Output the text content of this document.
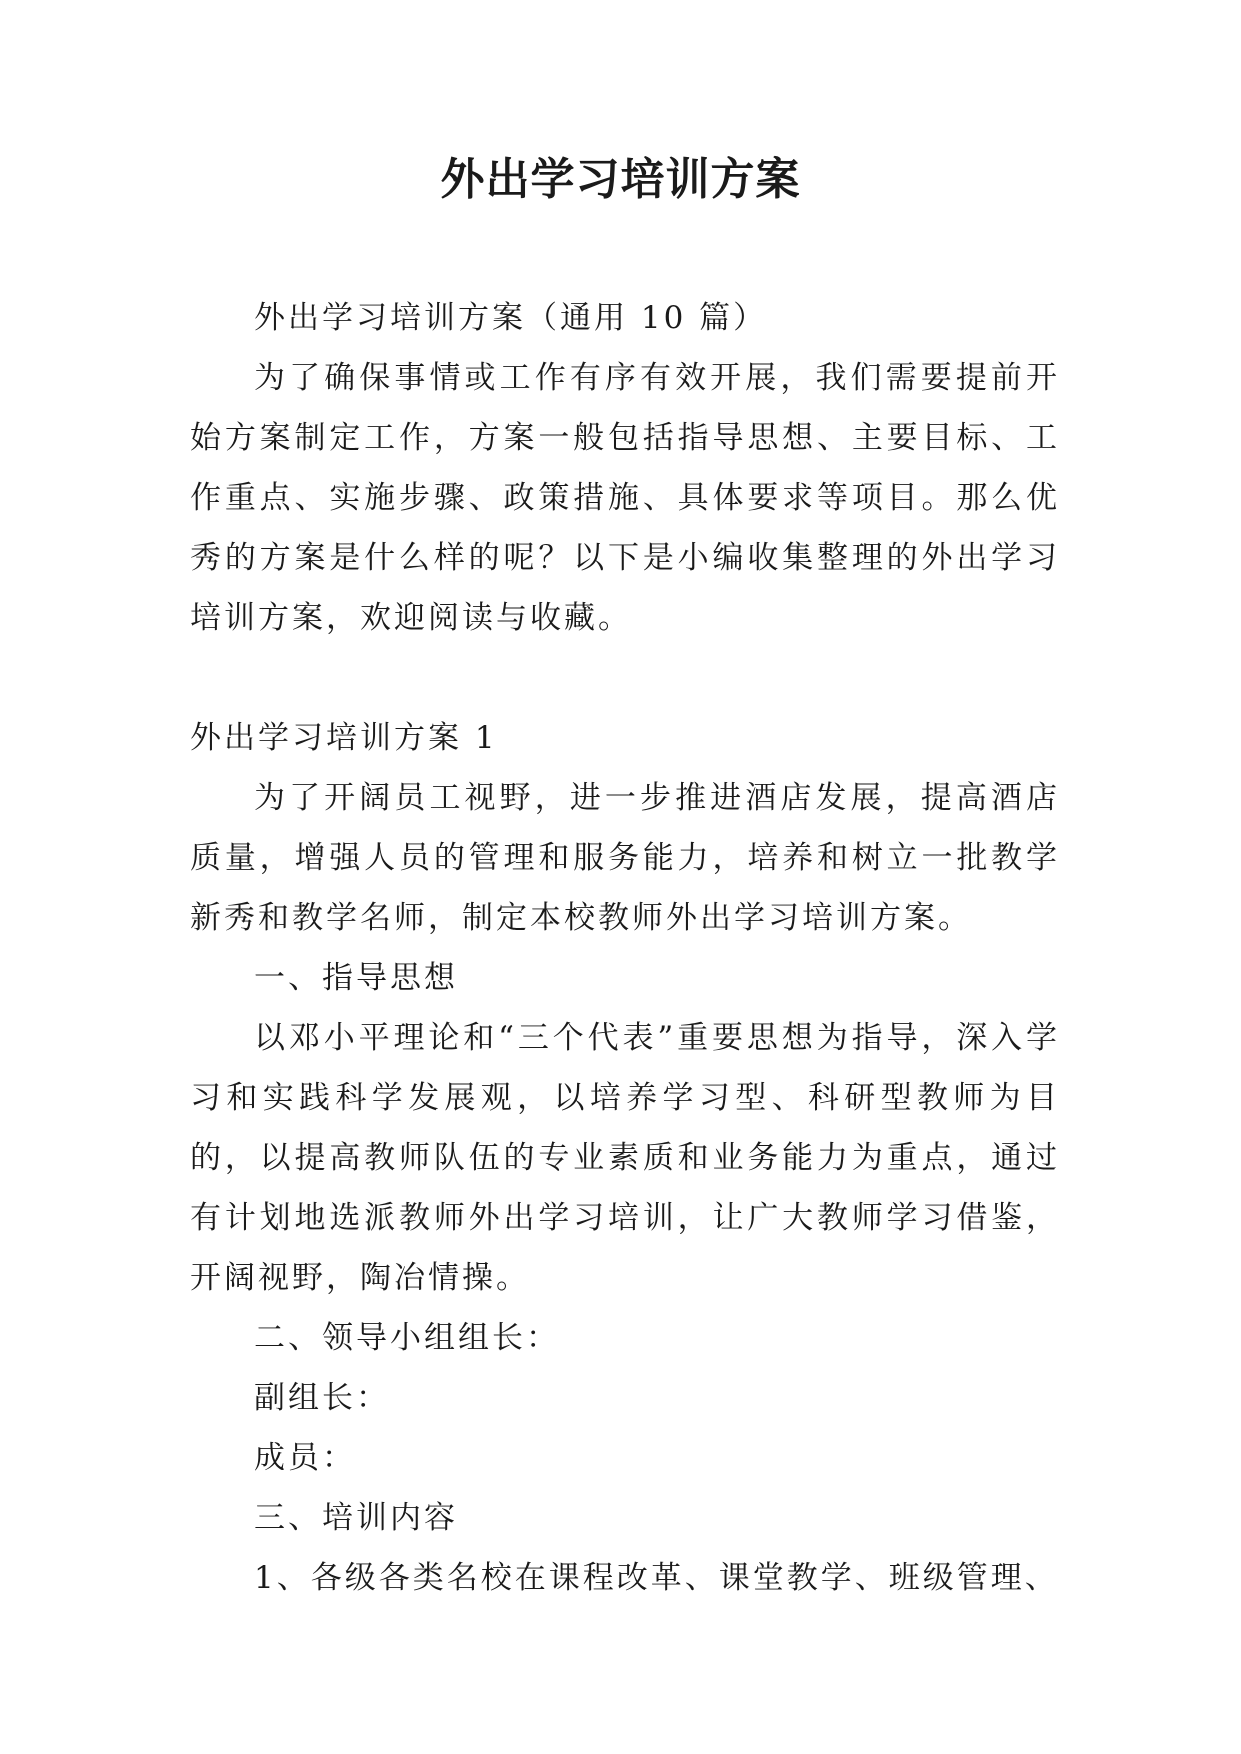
外出学习培训方案

外出学习培训方案（通用 10 篇）

为了确保事情或工作有序有效开展，我们需要提前开始方案制定工作，方案一般包括指导思想、主要目标、工作重点、实施步骤、政策措施、具体要求等项目。那么优秀的方案是什么样的呢？以下是小编收集整理的外出学习培训方案，欢迎阅读与收藏。

外出学习培训方案 1

为了开阔员工视野，进一步推进酒店发展，提高酒店质量，增强人员的管理和服务能力，培养和树立一批教学新秀和教学名师，制定本校教师外出学习培训方案。

一、指导思想

以邓小平理论和“三个代表”重要思想为指导，深入学习和实践科学发展观，以培养学习型、科研型教师为目的，以提高教师队伍的专业素质和业务能力为重点，通过有计划地选派教师外出学习培训，让广大教师学习借鉴，开阔视野，陶冶情操。

二、领导小组组长：

副组长：

成员：

三、培训内容

1、各级各类名校在课程改革、课堂教学、班级管理、
